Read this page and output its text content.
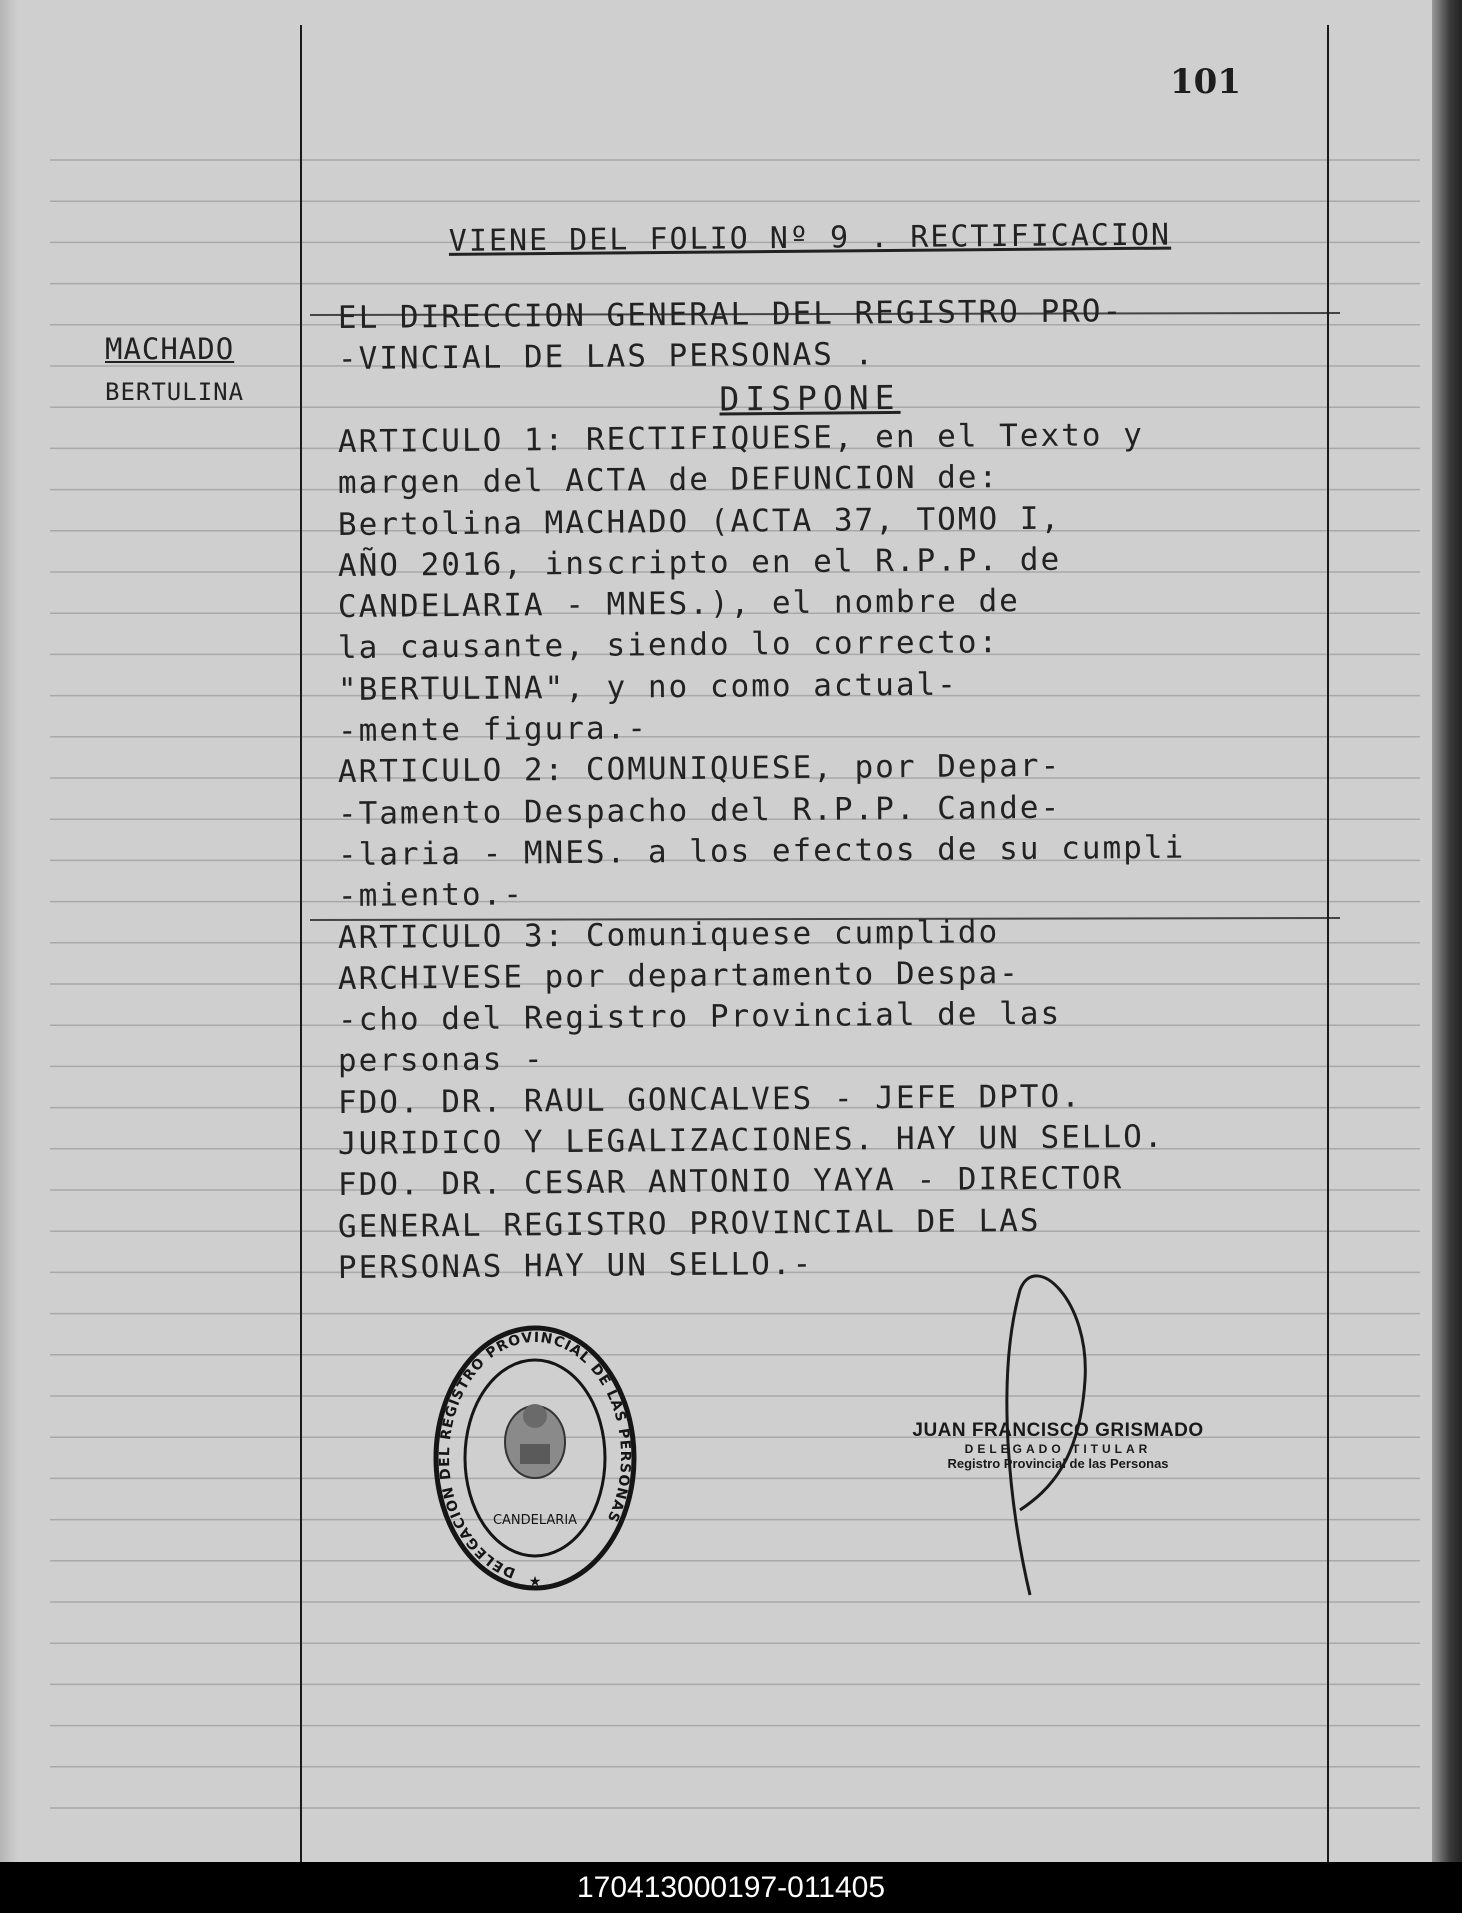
101
MACHADO
BERTULINA
VIENE DEL FOLIO Nº 9 . RECTIFICACION
EL DIRECCION GENERAL DEL REGISTRO PRO-
-VINCIAL DE LAS PERSONAS .
DISPONE
ARTICULO 1: RECTIFIQUESE, en el Texto y
margen del ACTA de DEFUNCION de:
Bertolina MACHADO (ACTA 37, TOMO I,
AÑO 2016, inscripto en el R.P.P. de
CANDELARIA - MNES.), el nombre de
la causante, siendo lo correcto:
"BERTULINA", y no como actual-
-mente figura.-
ARTICULO 2: COMUNIQUESE, por Depar-
-Tamento Despacho del R.P.P. Cande-
-laria - MNES. a los efectos de su cumpli
-miento.-
ARTICULO 3: Comuniquese cumplido
ARCHIVESE por departamento Despa-
-cho del Registro Provincial de las
personas -
FDO. DR. RAUL GONCALVES - JEFE DPTO.
JURIDICO Y LEGALIZACIONES. HAY UN SELLO.
FDO. DR. CESAR ANTONIO YAYA - DIRECTOR
GENERAL REGISTRO PROVINCIAL DE LAS
PERSONAS HAY UN SELLO.-
DELEGACION DEL REGISTRO PROVINCIAL DE LAS PERSONAS
CANDELARIA
★
JUAN FRANCISCO GRISMADO
DELEGADO TITULAR
Registro Provincial de las Personas
170413000197-011405
